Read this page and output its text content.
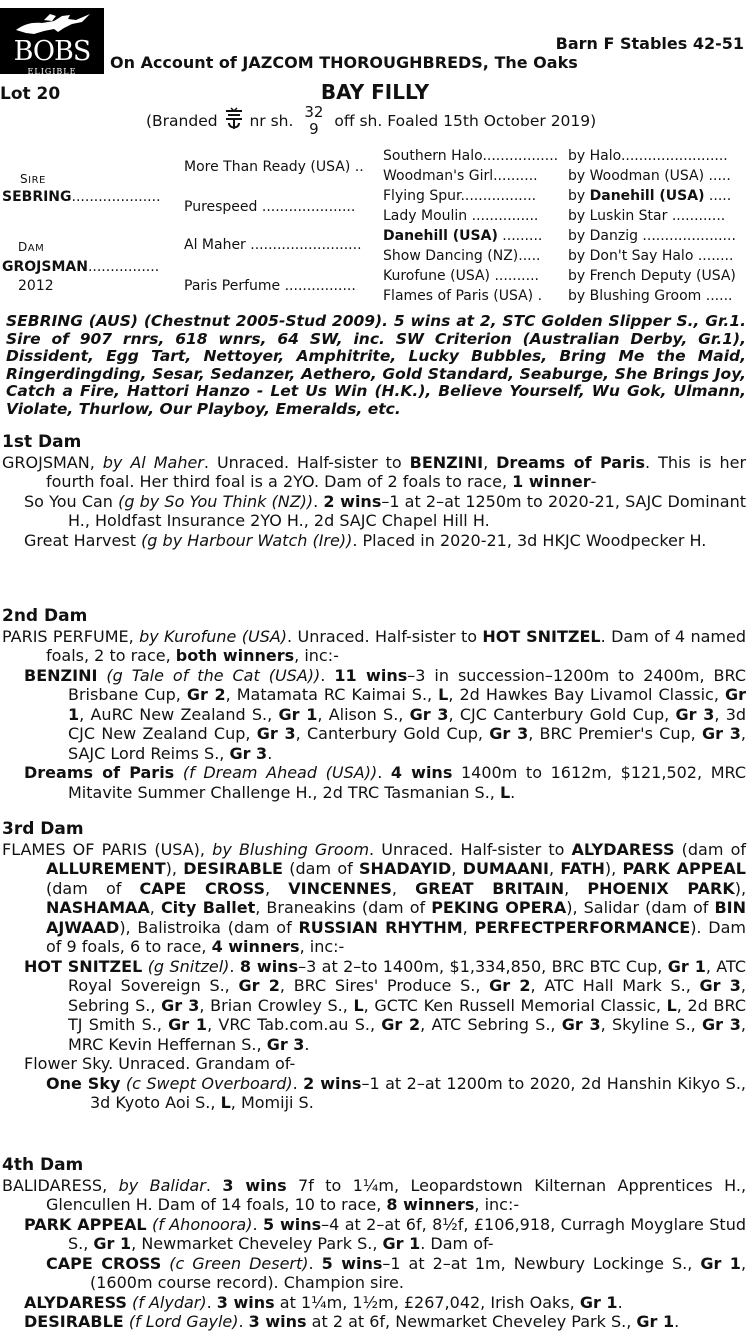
BOBS
ELIGIBLE
Barn F Stables 42-51
On Account of JAZCOM THOROUGHBREDS, The Oaks
Lot 20	BAY FILLY
(Branded nr sh. 32
9 off sh. Foaled 15th October 2019)
SIRE
SEBRING....................
DAM
GROJSMAN................
2012
More Than Ready (USA) ..
Purespeed .....................
Al Maher .........................
Paris Perfume ................
Southern Halo.................
Woodman's Girl..........
Flying Spur.................
Lady Moulin ...............
Danehill (USA) .........
Show Dancing (NZ).....
Kurofune (USA) ..........
Flames of Paris (USA) .
by Halo........................
by Woodman (USA) .....
by Danehill (USA) .....
by Luskin Star ............
by Danzig .....................
by Don't Say Halo ........
by French Deputy (USA)
by Blushing Groom ......
SEBRING (AUS) (Chestnut 2005-Stud 2009). 5 wins at 2, STC Golden Slipper S., Gr.1. Sire of 907 rnrs, 618 wnrs, 64 SW, inc. SW Criterion (Australian Derby, Gr.1), Dissident, Egg Tart, Nettoyer, Amphitrite, Lucky Bubbles, Bring Me the Maid, Ringerdingding, Sesar, Sedanzer, Aethero, Gold Standard, Seaburge, She Brings Joy, Catch a Fire, Hattori Hanzo - Let Us Win (H.K.), Believe Yourself, Wu Gok, Ulmann, Violate, Thurlow, Our Playboy, Emeralds, etc.
1st Dam

GROJSMAN, by Al Maher. Unraced. Half-sister to BENZINI, Dreams of Paris. This is her fourth foal. Her third foal is a 2YO. Dam of 2 foals to race, 1 winner-

So You Can (g by So You Think (NZ)). 2 wins–1 at 2–at 1250m to 2020-21, SAJC Dominant H., Holdfast Insurance 2YO H., 2d SAJC Chapel Hill H.

Great Harvest (g by Harbour Watch (Ire)). Placed in 2020-21, 3d HKJC Woodpecker H.

2nd Dam

PARIS PERFUME, by Kurofune (USA). Unraced. Half-sister to HOT SNITZEL. Dam of 4 named foals, 2 to race, both winners, inc:-

BENZINI (g Tale of the Cat (USA)). 11 wins–3 in succession–1200m to 2400m, BRC Brisbane Cup, Gr 2, Matamata RC Kaimai S., L, 2d Hawkes Bay Livamol Classic, Gr 1, AuRC New Zealand S., Gr 1, Alison S., Gr 3, CJC Canterbury Gold Cup, Gr 3, 3d CJC New Zealand Cup, Gr 3, Canterbury Gold Cup, Gr 3, BRC Premier's Cup, Gr 3, SAJC Lord Reims S., Gr 3.

Dreams of Paris (f Dream Ahead (USA)). 4 wins 1400m to 1612m, $121,502, MRC Mitavite Summer Challenge H., 2d TRC Tasmanian S., L.

3rd Dam

FLAMES OF PARIS (USA), by Blushing Groom. Unraced. Half-sister to ALYDARESS (dam of ALLUREMENT), DESIRABLE (dam of SHADAYID, DUMAANI, FATH), PARK APPEAL (dam of CAPE CROSS, VINCENNES, GREAT BRITAIN, PHOENIX PARK), NASHAMAA, City Ballet, Braneakins (dam of PEKING OPERA), Salidar (dam of BIN AJWAAD), Balistroika (dam of RUSSIAN RHYTHM, PERFECTPERFORMANCE). Dam of 9 foals, 6 to race, 4 winners, inc:-

HOT SNITZEL (g Snitzel). 8 wins–3 at 2–to 1400m, $1,334,850, BRC BTC Cup, Gr 1, ATC Royal Sovereign S., Gr 2, BRC Sires' Produce S., Gr 2, ATC Hall Mark S., Gr 3, Sebring S., Gr 3, Brian Crowley S., L, GCTC Ken Russell Memorial Classic, L, 2d BRC TJ Smith S., Gr 1, VRC Tab.com.au S., Gr 2, ATC Sebring S., Gr 3, Skyline S., Gr 3, MRC Kevin Heffernan S., Gr 3.

Flower Sky. Unraced. Grandam of-

One Sky (c Swept Overboard). 2 wins–1 at 2–at 1200m to 2020, 2d Hanshin Kikyo S., 3d Kyoto Aoi S., L, Momiji S.

4th Dam

BALIDARESS, by Balidar. 3 wins 7f to 1¼m, Leopardstown Kilternan Apprentices H., Glencullen H. Dam of 14 foals, 10 to race, 8 winners, inc:-

PARK APPEAL (f Ahonoora). 5 wins–4 at 2–at 6f, 8½f, £106,918, Curragh Moyglare Stud S., Gr 1, Newmarket Cheveley Park S., Gr 1. Dam of-

CAPE CROSS (c Green Desert). 5 wins–1 at 2–at 1m, Newbury Lockinge S., Gr 1, (1600m course record). Champion sire.

ALYDARESS (f Alydar). 3 wins at 1¼m, 1½m, £267,042, Irish Oaks, Gr 1.

DESIRABLE (f Lord Gayle). 3 wins at 2 at 6f, Newmarket Cheveley Park S., Gr 1.
